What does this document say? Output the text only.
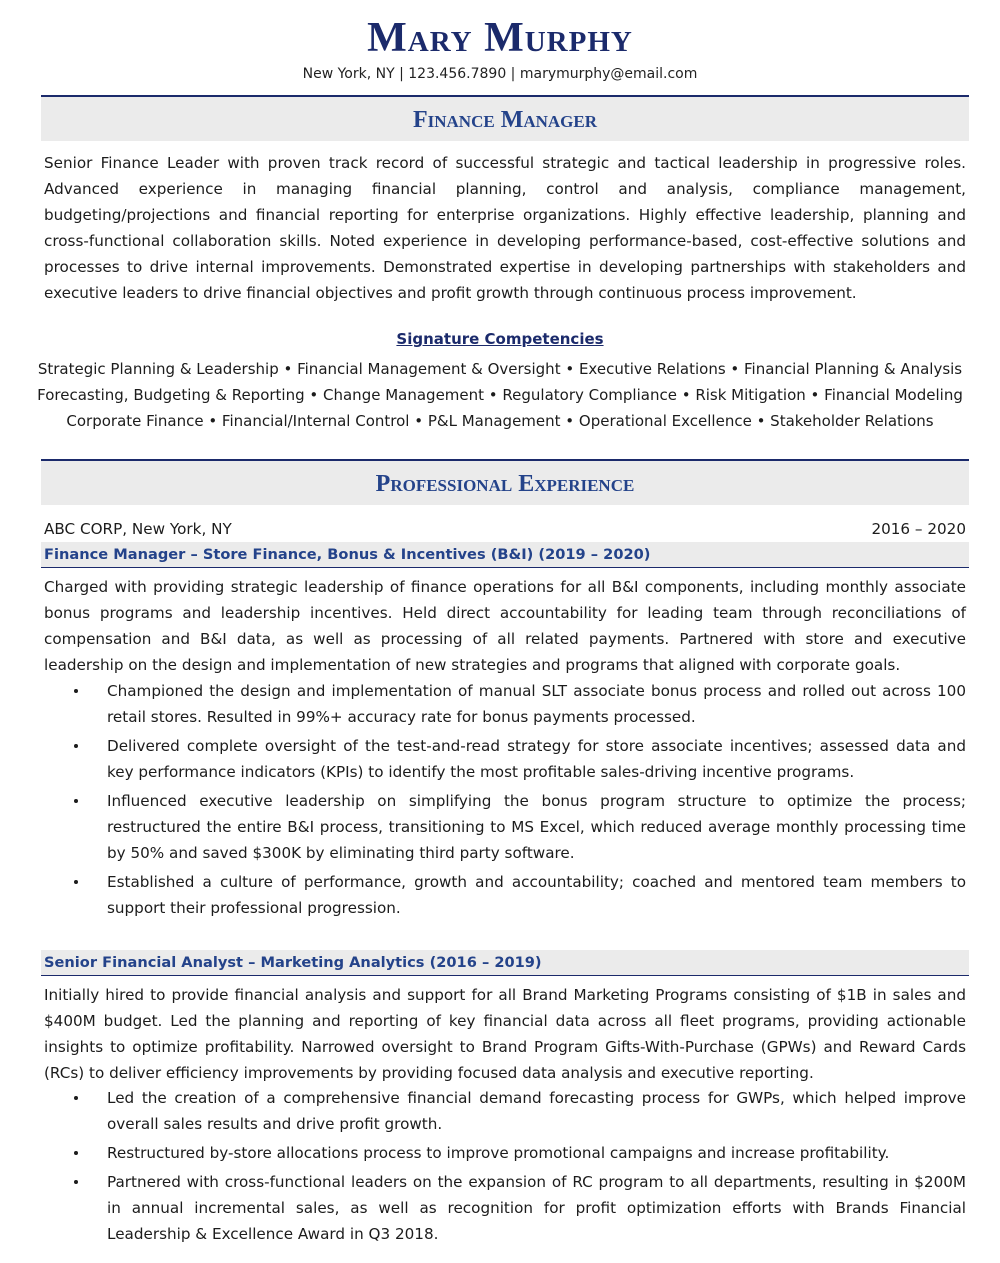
Mary Murphy
New York, NY | 123.456.7890 | marymurphy@email.com
Finance Manager

Senior Finance Leader with proven track record of successful strategic and tactical leadership in progressive roles. Advanced experience in managing financial planning, control and analysis, compliance management, budgeting/projections and financial reporting for enterprise organizations. Highly effective leadership, planning and cross-functional collaboration skills. Noted experience in developing performance-based, cost-effective solutions and processes to drive internal improvements. Demonstrated expertise in developing partnerships with stakeholders and executive leaders to drive financial objectives and profit growth through continuous process improvement.

Signature Competencies
Strategic Planning & Leadership • Financial Management & Oversight • Executive Relations • Financial Planning & Analysis
Forecasting, Budgeting & Reporting • Change Management • Regulatory Compliance • Risk Mitigation • Financial Modeling
Corporate Finance • Financial/Internal Control • P&L Management • Operational Excellence • Stakeholder Relations
Professional Experience
ABC CORP, New York, NY	2016 – 2020
Finance Manager – Store Finance, Bonus & Incentives (B&I) (2019 – 2020)

Charged with providing strategic leadership of finance operations for all B&I components, including monthly associate bonus programs and leadership incentives. Held direct accountability for leading team through reconciliations of compensation and B&I data, as well as processing of all related payments. Partnered with store and executive leadership on the design and implementation of new strategies and programs that aligned with corporate goals.

Championed the design and implementation of manual SLT associate bonus process and rolled out across 100 retail stores. Resulted in 99%+ accuracy rate for bonus payments processed.
Delivered complete oversight of the test-and-read strategy for store associate incentives; assessed data and key performance indicators (KPIs) to identify the most profitable sales-driving incentive programs.
Influenced executive leadership on simplifying the bonus program structure to optimize the process; restructured the entire B&I process, transitioning to MS Excel, which reduced average monthly processing time by 50% and saved $300K by eliminating third party software.
Established a culture of performance, growth and accountability; coached and mentored team members to support their professional progression.
Senior Financial Analyst – Marketing Analytics (2016 – 2019)

Initially hired to provide financial analysis and support for all Brand Marketing Programs consisting of $1B in sales and $400M budget. Led the planning and reporting of key financial data across all fleet programs, providing actionable insights to optimize profitability. Narrowed oversight to Brand Program Gifts-With-Purchase (GPWs) and Reward Cards (RCs) to deliver efficiency improvements by providing focused data analysis and executive reporting.

Led the creation of a comprehensive financial demand forecasting process for GWPs, which helped improve overall sales results and drive profit growth.
Restructured by-store allocations process to improve promotional campaigns and increase profitability.
Partnered with cross-functional leaders on the expansion of RC program to all departments, resulting in $200M in annual incremental sales, as well as recognition for profit optimization efforts with Brands Financial Leadership & Excellence Award in Q3 2018.
